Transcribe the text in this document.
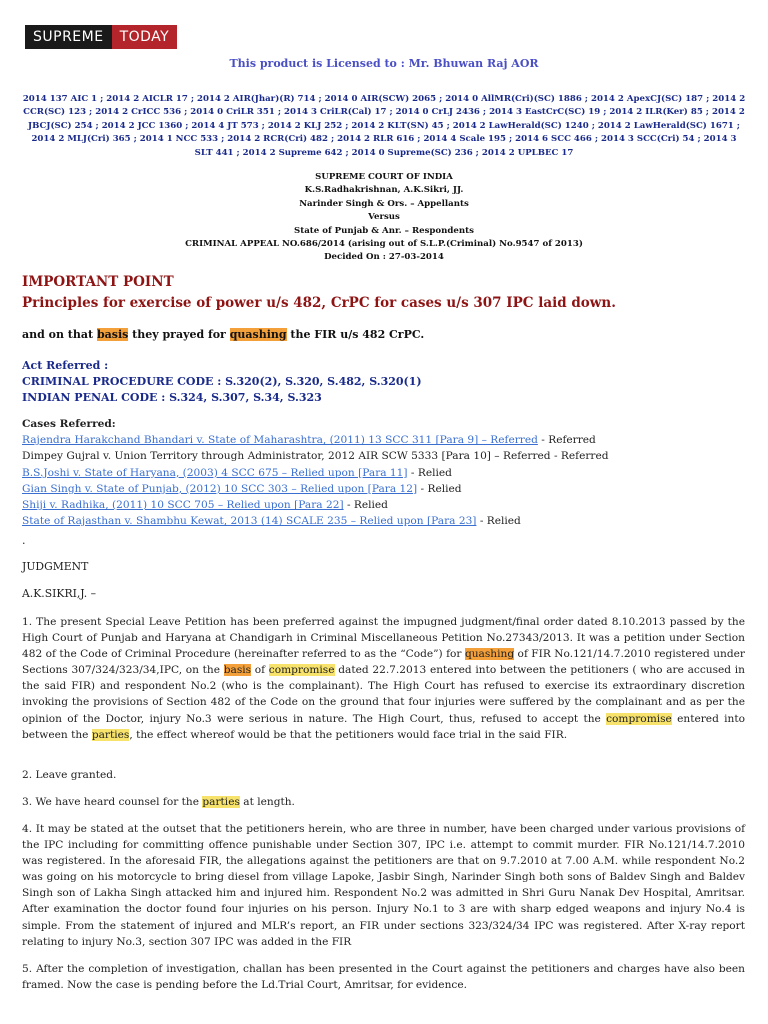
SUPREME	TODAY
This product is Licensed to : Mr. Bhuwan Raj AOR
2014 137 AIC 1 ; 2014 2 AICLR 17 ; 2014 2 AIR(Jhar)(R) 714 ; 2014 0 AIR(SCW) 2065 ; 2014 0 AllMR(Cri)(SC) 1886 ; 2014 2 ApexCJ(SC) 187 ; 2014 2 CCR(SC) 123 ; 2014 2 CrICC 536 ; 2014 0 CriLR 351 ; 2014 3 CriLR(Cal) 17 ; 2014 0 CrLJ 2436 ; 2014 3 EastCrC(SC) 19 ; 2014 2 ILR(Ker) 85 ; 2014 2 JBCJ(SC) 254 ; 2014 2 JCC 1360 ; 2014 4 JT 573 ; 2014 2 KLJ 252 ; 2014 2 KLT(SN) 45 ; 2014 2 LawHerald(SC) 1240 ; 2014 2 LawHerald(SC) 1671 ; 2014 2 MLJ(Cri) 365 ; 2014 1 NCC 533 ; 2014 2 RCR(Cri) 482 ; 2014 2 RLR 616 ; 2014 4 Scale 195 ; 2014 6 SCC 466 ; 2014 3 SCC(Cri) 54 ; 2014 3 SLT 441 ; 2014 2 Supreme 642 ; 2014 0 Supreme(SC) 236 ; 2014 2 UPLBEC 17
SUPREME COURT OF INDIA
K.S.Radhakrishnan, A.K.Sikri, JJ.
Narinder Singh & Ors. – Appellants
Versus
State of Punjab & Anr. – Respondents
CRIMINAL APPEAL NO.686/2014 (arising out of S.L.P.(Criminal) No.9547 of 2013)
Decided On : 27-03-2014
IMPORTANT POINT
Principles for exercise of power u/s 482, CrPC for cases u/s 307 IPC laid down.
and on that basis they prayed for quashing the FIR u/s 482 CrPC.
Act Referred :
CRIMINAL PROCEDURE CODE : S.320(2), S.320, S.482, S.320(1)
INDIAN PENAL CODE : S.324, S.307, S.34, S.323
Cases Referred:
Rajendra Harakchand Bhandari v. State of Maharashtra, (2011) 13 SCC 311 [Para 9] – Referred - Referred
Dimpey Gujral v. Union Territory through Administrator, 2012 AIR SCW 5333 [Para 10] – Referred - Referred
B.S.Joshi v. State of Haryana, (2003) 4 SCC 675 – Relied upon [Para 11] - Relied
Gian Singh v. State of Punjab, (2012) 10 SCC 303 – Relied upon [Para 12] - Relied
Shiji v. Radhika, (2011) 10 SCC 705 – Relied upon [Para 22] - Relied
State of Rajasthan v. Shambhu Kewat, 2013 (14) SCALE 235 – Relied upon [Para 23] - Relied
.
JUDGMENT
A.K.SIKRI,J. –
1. The present Special Leave Petition has been preferred against the impugned judgment/final order dated 8.10.2013 passed by the High Court of Punjab and Haryana at Chandigarh in Criminal Miscellaneous Petition No.27343/2013. It was a petition under Section 482 of the Code of Criminal Procedure (hereinafter referred to as the “Code”) for quashing of FIR No.121/14.7.2010 registered under Sections 307/324/323/34,IPC, on the basis of compromise dated 22.7.2013 entered into between the petitioners ( who are accused in the said FIR) and respondent No.2 (who is the complainant). The High Court has refused to exercise its extraordinary discretion invoking the provisions of Section 482 of the Code on the ground that four injuries were suffered by the complainant and as per the opinion of the Doctor, injury No.3 were serious in nature. The High Court, thus, refused to accept the compromise entered into between the parties, the effect whereof would be that the petitioners would face trial in the said FIR.
2. Leave granted.
3. We have heard counsel for the parties at length.
4. It may be stated at the outset that the petitioners herein, who are three in number, have been charged under various provisions of the IPC including for committing offence punishable under Section 307, IPC i.e. attempt to commit murder. FIR No.121/14.7.2010 was registered. In the aforesaid FIR, the allegations against the petitioners are that on 9.7.2010 at 7.00 A.M. while respondent No.2 was going on his motorcycle to bring diesel from village Lapoke, Jasbir Singh, Narinder Singh both sons of Baldev Singh and Baldev Singh son of Lakha Singh attacked him and injured him. Respondent No.2 was admitted in Shri Guru Nanak Dev Hospital, Amritsar. After examination the doctor found four injuries on his person. Injury No.1 to 3 are with sharp edged weapons and injury No.4 is simple. From the statement of injured and MLR’s report, an FIR under sections 323/324/34 IPC was registered. After X-ray report relating to injury No.3, section 307 IPC was added in the FIR
5. After the completion of investigation, challan has been presented in the Court against the petitioners and charges have also been framed. Now the case is pending before the Ld.Trial Court, Amritsar, for evidence.
